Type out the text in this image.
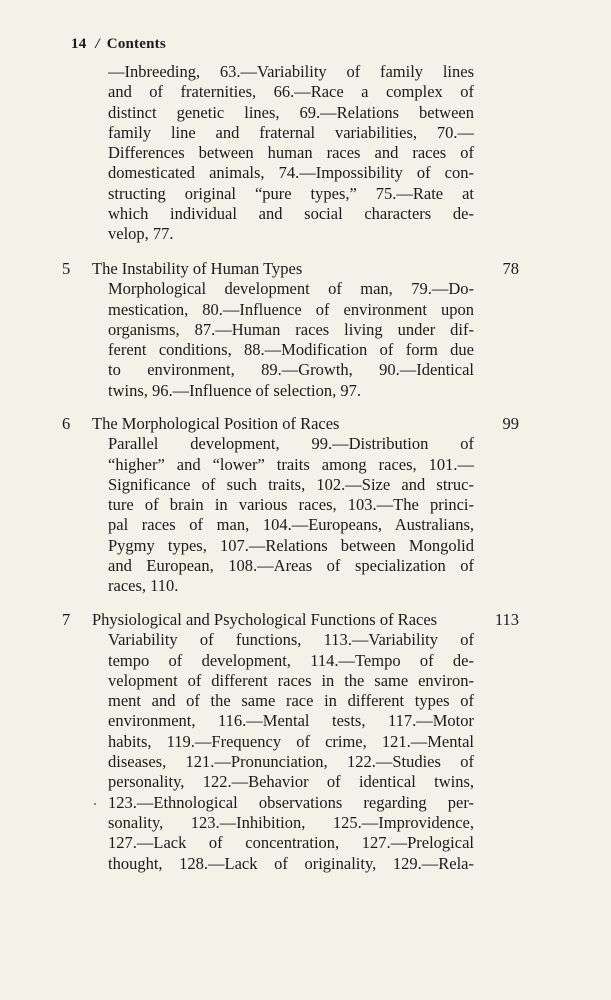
14 / Contents
—Inbreeding, 63.—Variability of family lines
and of fraternities, 66.—Race a complex of
distinct genetic lines, 69.—Relations between
family line and fraternal variabilities, 70.—
Differences between human races and races of
domesticated animals, 74.—Impossibility of con-
structing original “pure types,” 75.—Rate at
which individual and social characters de-
velop, 77.
5 The Instability of Human Types	78
Morphological development of man, 79.—Do-
mestication, 80.—Influence of environment upon
organisms, 87.—Human races living under dif-
ferent conditions, 88.—Modification of form due
to environment, 89.—Growth, 90.—Identical
twins, 96.—Influence of selection, 97.
6 The Morphological Position of Races	99
Parallel development, 99.—Distribution of
“higher” and “lower” traits among races, 101.—
Significance of such traits, 102.—Size and struc-
ture of brain in various races, 103.—The princi-
pal races of man, 104.—Europeans, Australians,
Pygmy types, 107.—Relations between Mongolid
and European, 108.—Areas of specialization of
races, 110.
7 Physiological and Psychological Functions of Races	113
Variability of functions, 113.—Variability of
tempo of development, 114.—Tempo of de-
velopment of different races in the same environ-
ment and of the same race in different types of
environment, 116.—Mental tests, 117.—Motor
habits, 119.—Frequency of crime, 121.—Mental
diseases, 121.—Pronunciation, 122.—Studies of
personality, 122.—Behavior of identical twins,
123.—Ethnological observations regarding per-
sonality, 123.—Inhibition, 125.—Improvidence,
127.—Lack of concentration, 127.—Prelogical
thought, 128.—Lack of originality, 129.—Rela-
